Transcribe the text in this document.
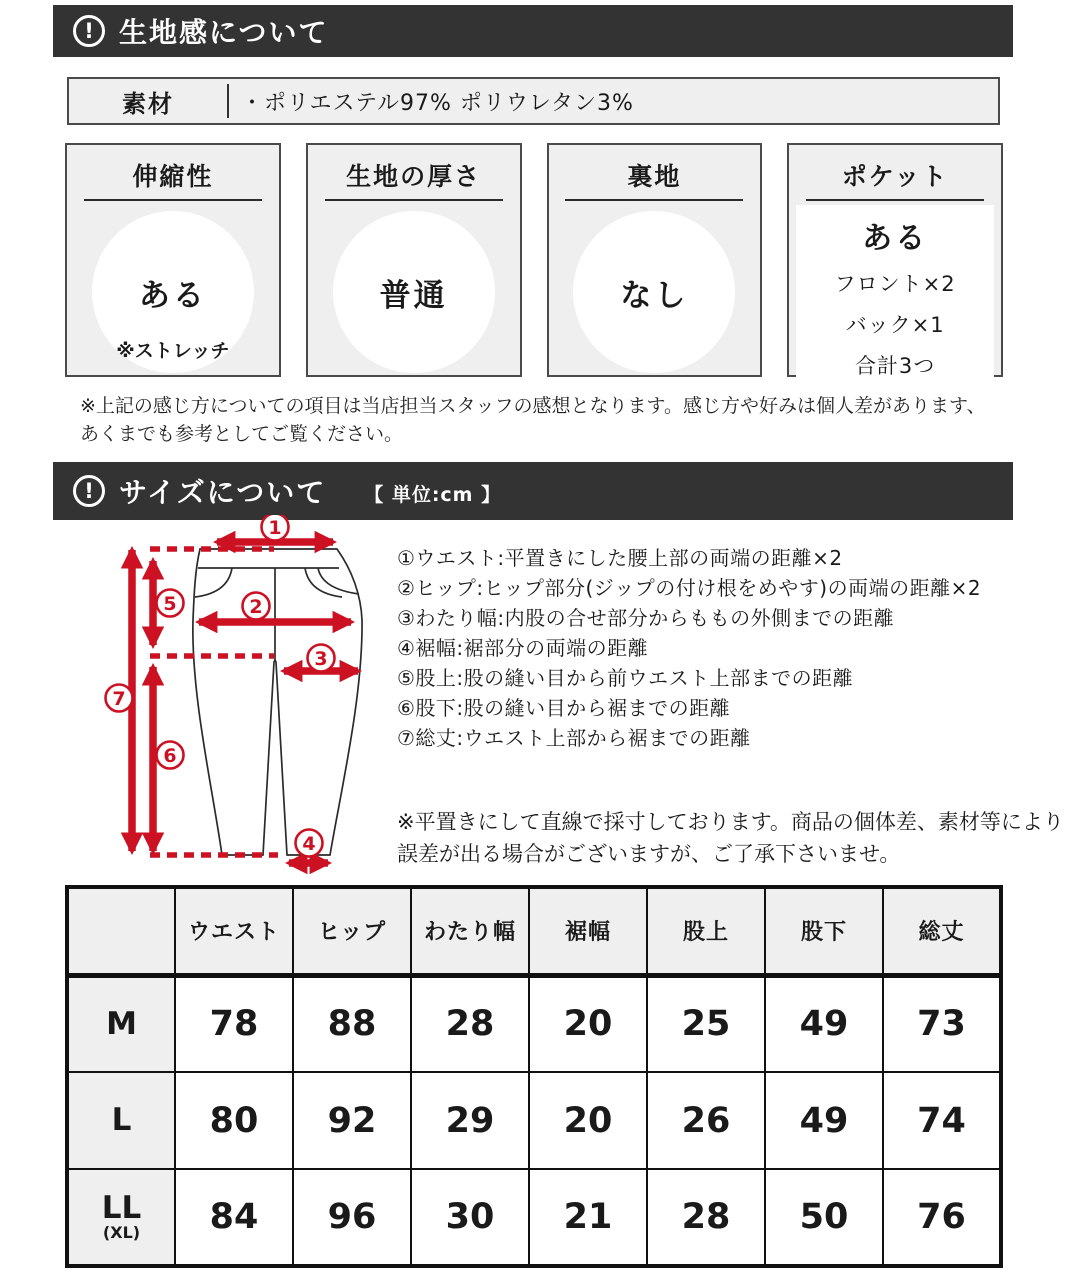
! 生地感について
素材	・ポリエステル97% ポリウレタン3%
伸縮性
ある
※ストレッチ
生地の厚さ
普通
裏地
なし
ポケット
ある
フロント×2
バック×1
合計3つ
※上記の感じ方についての項目は当店担当スタッフの感想となります。感じ方や好みは個人差があります、
あくまでも参考としてご覧ください。
! サイズについて 【 単位:cm 】
1
2
3
4
5
6
7
①ウエスト:平置きにした腰上部の両端の距離×2
②ヒップ:ヒップ部分(ジップの付け根をめやす)の両端の距離×2
③わたり幅:内股の合せ部分からももの外側までの距離
④裾幅:裾部分の両端の距離
⑤股上:股の縫い目から前ウエスト上部までの距離
⑥股下:股の縫い目から裾までの距離
⑦総丈:ウエスト上部から裾までの距離
※平置きにして直線で採寸しております。商品の個体差、素材等により
誤差が出る場合がございますが、ご了承下さいませ。
	ウエスト	ヒップ	わたり幅	裾幅	股上	股下	総丈
M	78	88	28	20	25	49	73
L	80	92	29	20	26	49	74
LL
(XL)	84	96	30	21	28	50	76
